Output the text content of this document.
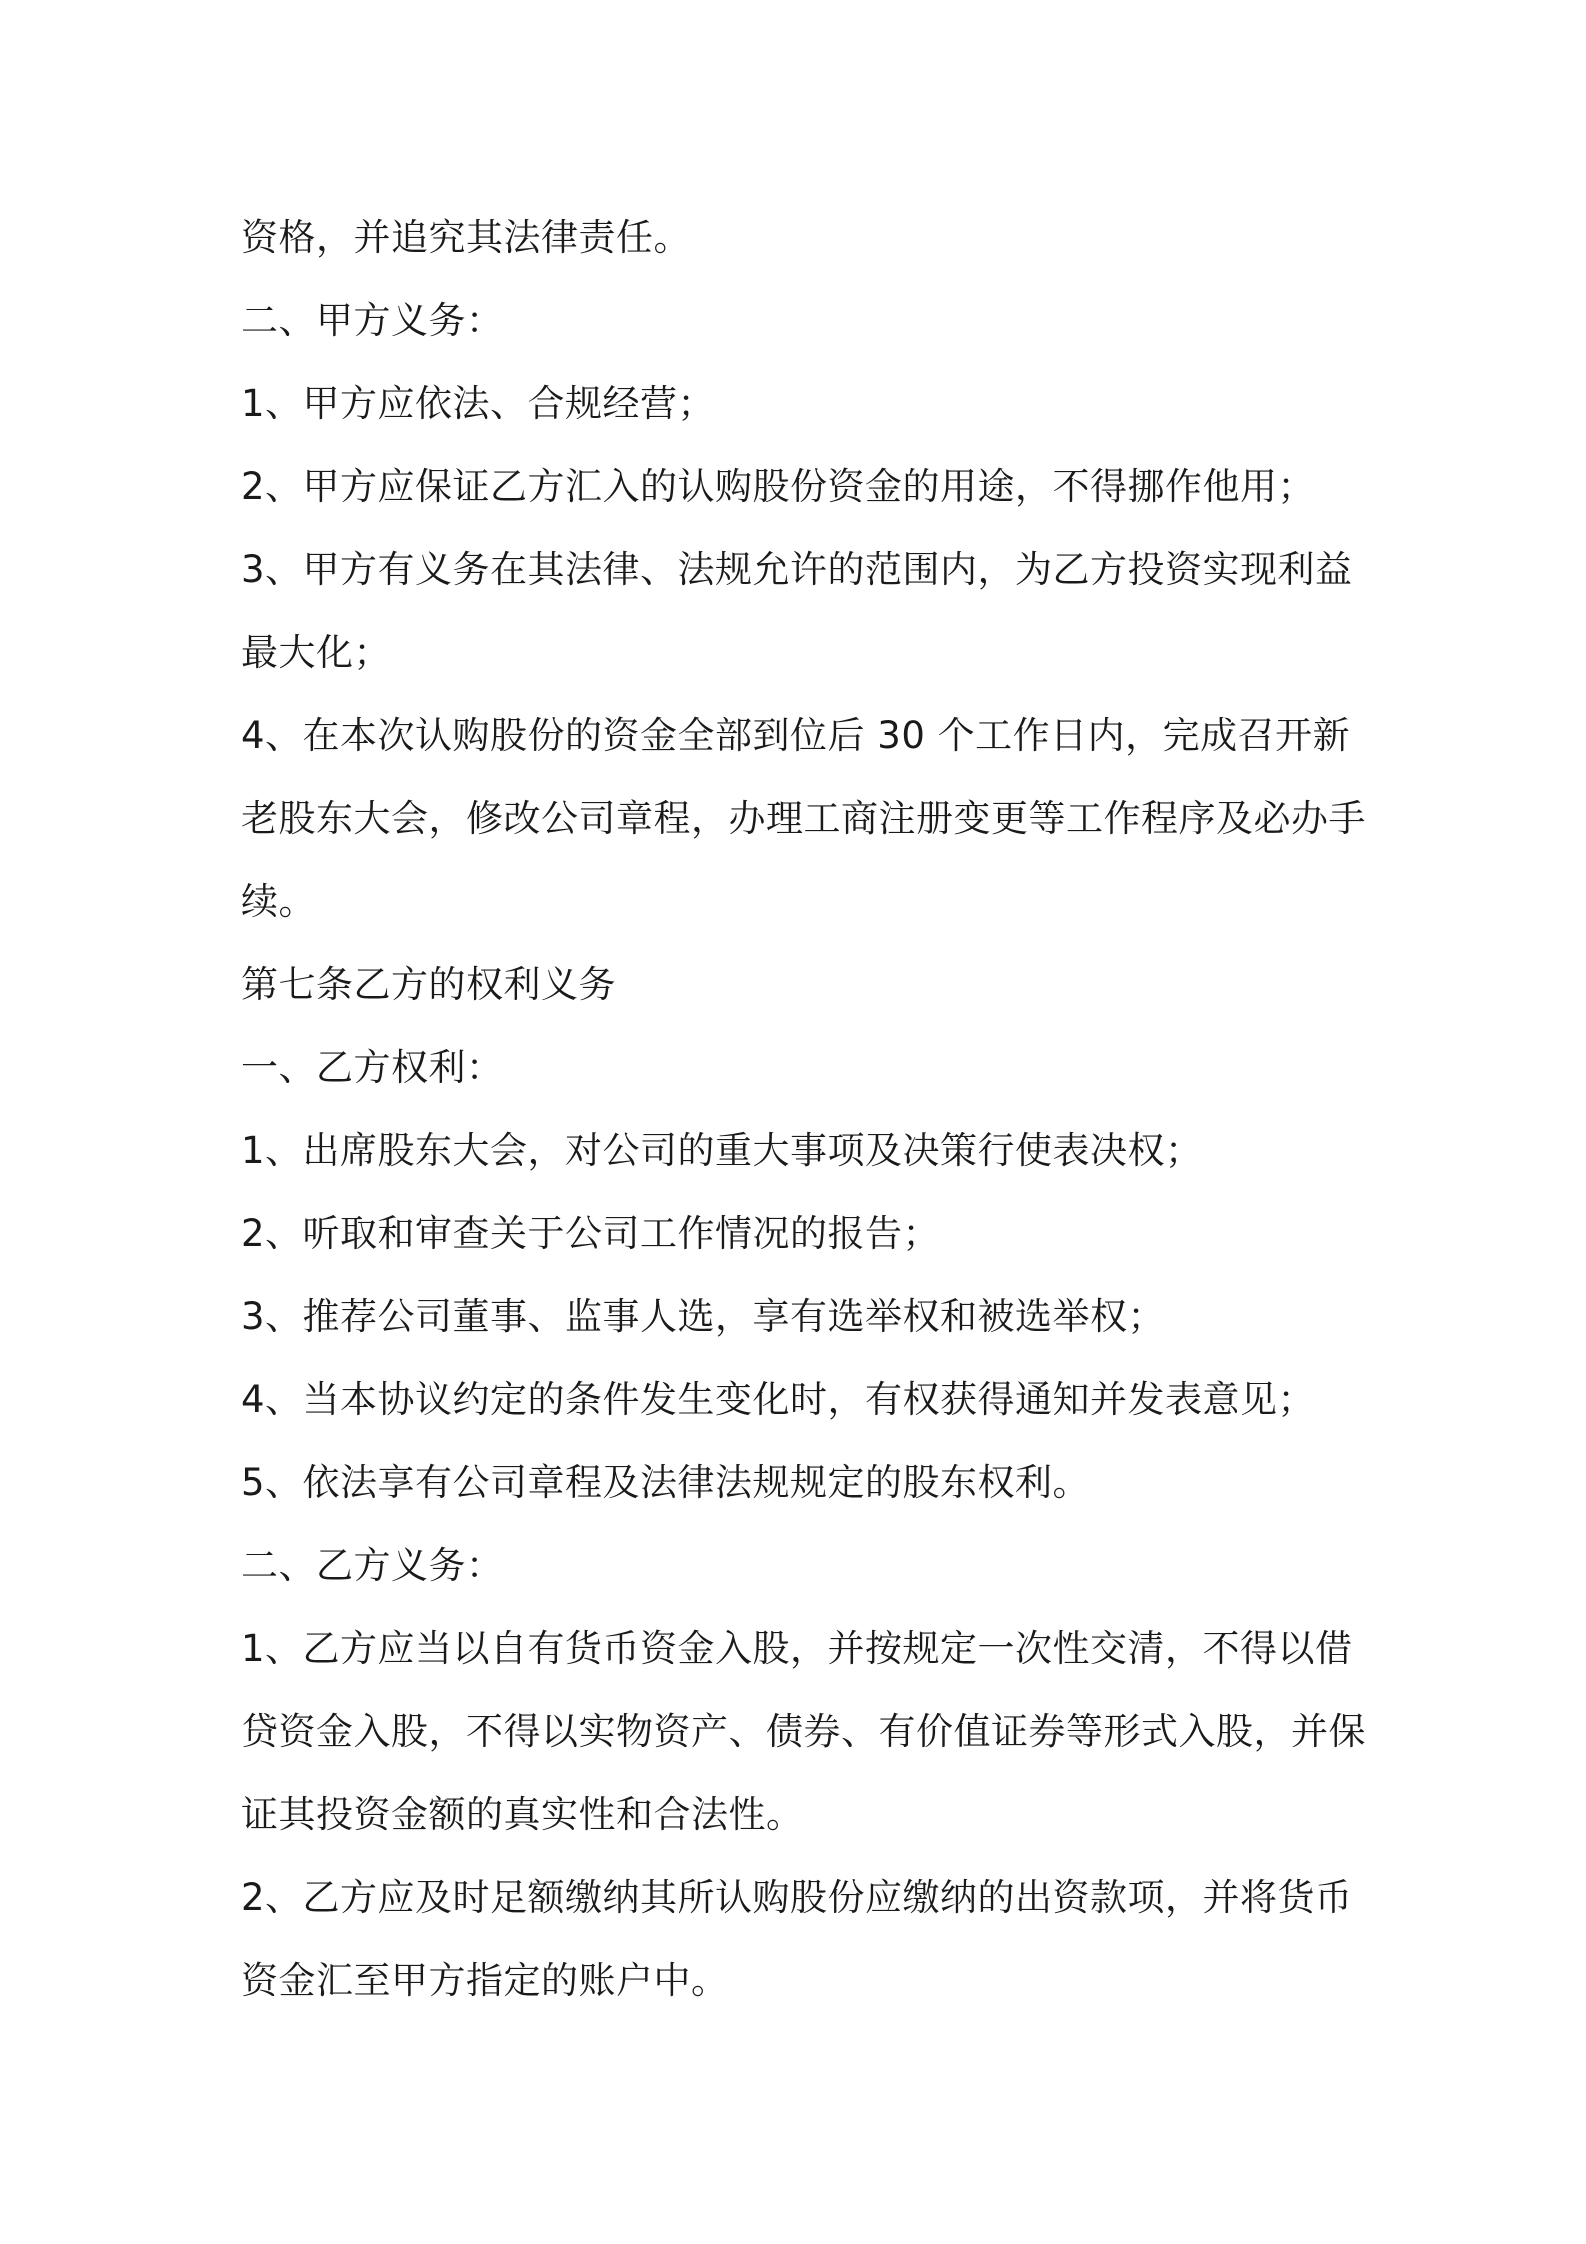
资格，并追究其法律责任。
二、甲方义务：
1、甲方应依法、合规经营；
2、甲方应保证乙方汇入的认购股份资金的用途，不得挪作他用；
3、甲方有义务在其法律、法规允许的范围内，为乙方投资实现利益
最大化；
4、在本次认购股份的资金全部到位后 30 个工作日内，完成召开新
老股东大会，修改公司章程，办理工商注册变更等工作程序及必办手
续。
第七条乙方的权利义务
一、乙方权利：
1、出席股东大会，对公司的重大事项及决策行使表决权；
2、听取和审查关于公司工作情况的报告；
3、推荐公司董事、监事人选，享有选举权和被选举权；
4、当本协议约定的条件发生变化时，有权获得通知并发表意见；
5、依法享有公司章程及法律法规规定的股东权利。
二、乙方义务：
1、乙方应当以自有货币资金入股，并按规定一次性交清，不得以借
贷资金入股，不得以实物资产、债券、有价值证券等形式入股，并保
证其投资金额的真实性和合法性。
2、乙方应及时足额缴纳其所认购股份应缴纳的出资款项，并将货币
资金汇至甲方指定的账户中。
